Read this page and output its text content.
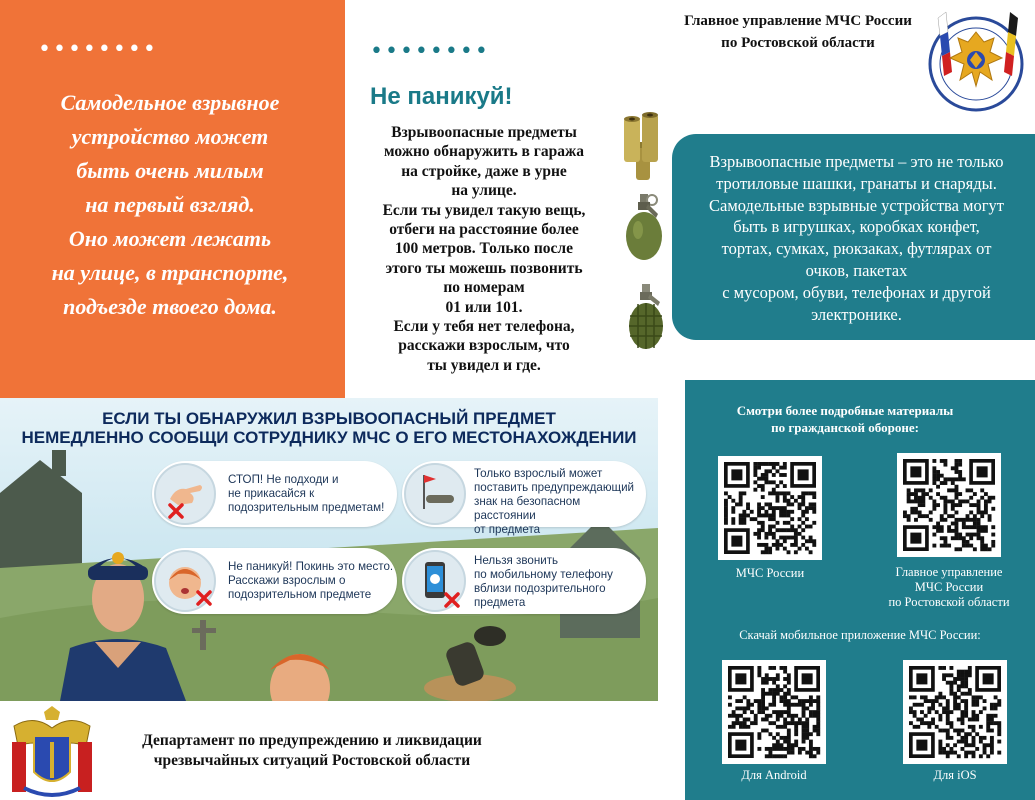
••••••••
Самодельное взрывное
устройство может
быть очень милым
на первый взгляд.
Оно может лежать
на улице, в транспорте,
подъезде твоего дома.
••••••••
Не паникуй!

Взрывоопасные предметы

можно обнаружить в гаража

на стройке, даже в урне

на улице.

Если ты увидел такую вещь,

отбеги на расстояние более

100 метров. Только после

этого ты можешь позвонить

по номерам

01 или 101.

Если у тебя нет телефона,

расскажи взрослым, что

ты увидел и где.

Главное управление МЧС России
по Ростовской области
Взрывоопасные предметы – это не только
тротиловые шашки, гранаты и снаряды.
Самодельные взрывные устройства могут
быть в игрушках, коробках конфет,
тортах, сумках, рюкзаках, футлярах от
очков, пакетах
с мусором, обуви, телефонах и другой
электронике.
ЕСЛИ ТЫ ОБНАРУЖИЛ ВЗРЫВООПАСНЫЙ ПРЕДМЕТ
НЕМЕДЛЕННО СООБЩИ СОТРУДНИКУ МЧС О ЕГО МЕСТОНАХОЖДЕНИИ
СТОП! Не подходи и
не прикасайся к
подозрительным предметам!
Только взрослый может
поставить предупреждающий
знак на безопасном расстоянии
от предмета
Не паникуй! Покинь это место.
Расскажи взрослым о
подозрительном предмете
Нельзя звонить
по мобильному телефону
вблизи подозрительного
предмета
Департамент по предупреждению и ликвидации
чрезвычайных ситуаций Ростовской области
Смотри более подробные материалы
по гражданской обороне:
МЧС России	Главное управление
МЧС России
по Ростовской области
Скачай мобильное приложение МЧС России:
Для Android	Для iOS
